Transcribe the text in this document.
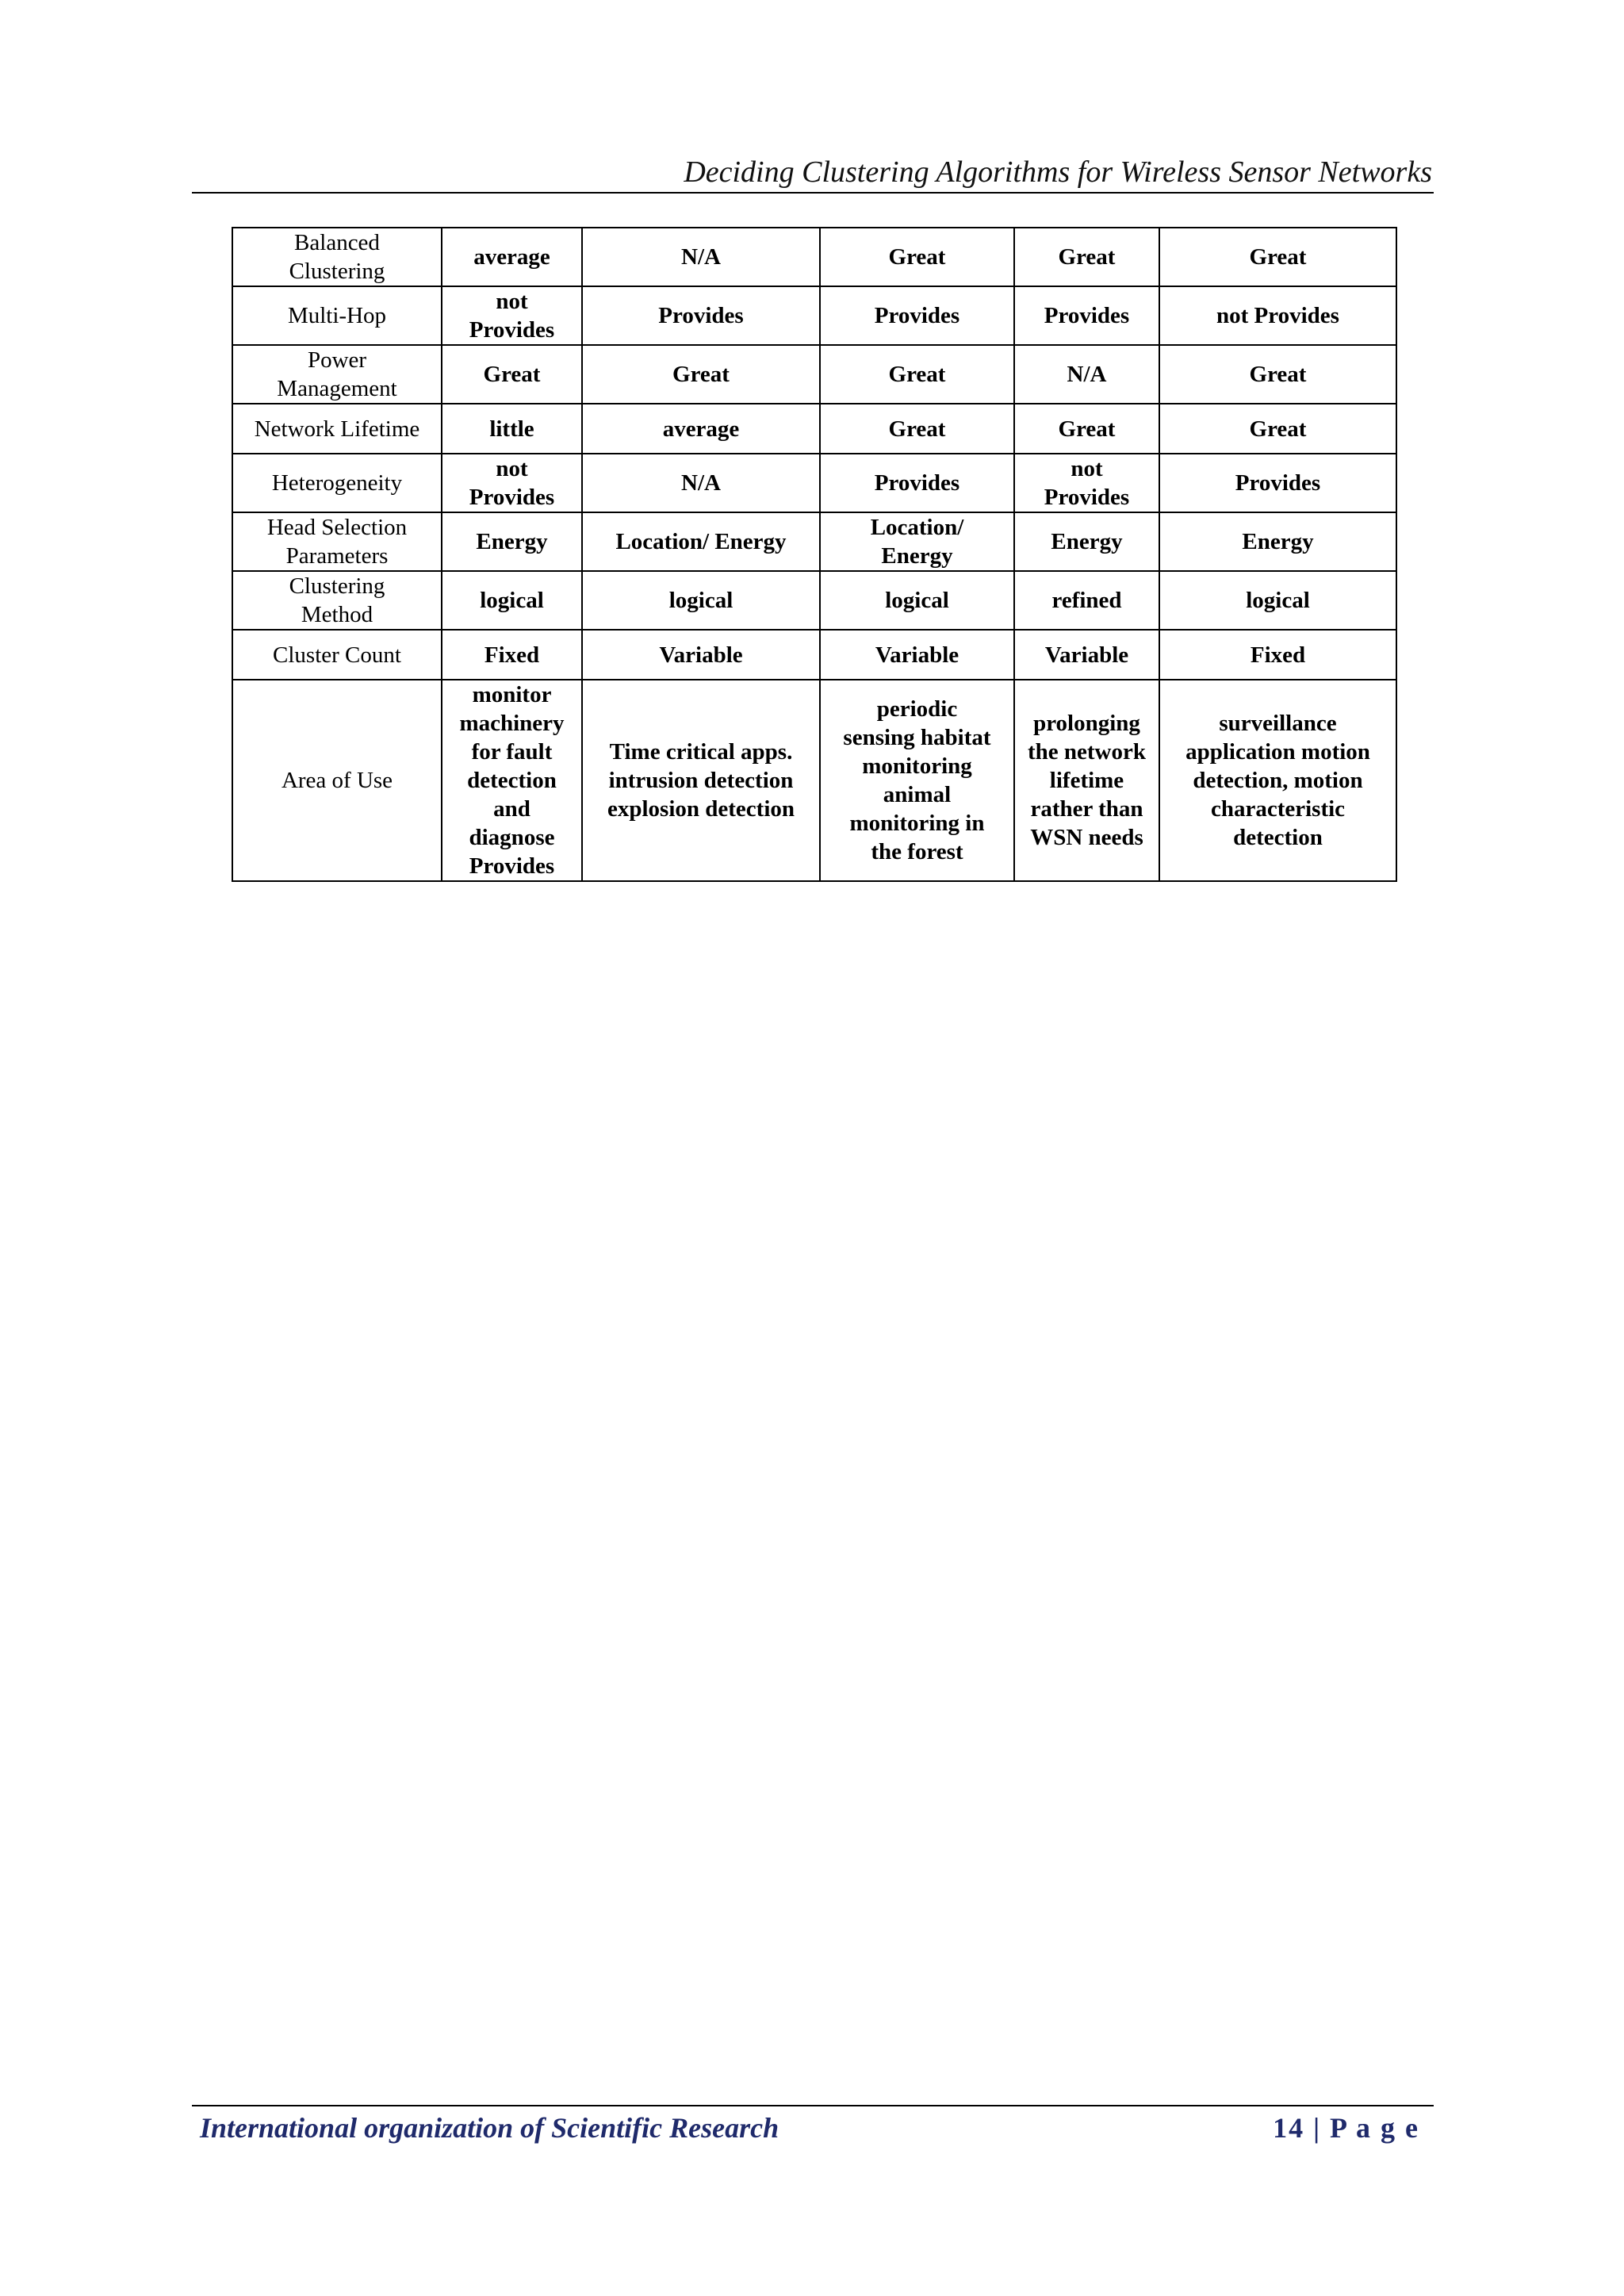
Deciding Clustering Algorithms for Wireless Sensor Networks
Balanced Clustering	average	N/A	Great	Great	Great
Multi-Hop	not Provides	Provides	Provides	Provides	not Provides
Power Management	Great	Great	Great	N/A	Great
Network Lifetime	little	average	Great	Great	Great
Heterogeneity	not Provides	N/A	Provides	not Provides	Provides
Head Selection Parameters	Energy	Location/ Energy	Location/ Energy	Energy	Energy
Clustering Method	logical	logical	logical	refined	logical
Cluster Count	Fixed	Variable	Variable	Variable	Fixed
Area of Use	monitor machinery for fault detection and diagnose Provides	Time critical apps. intrusion detection explosion detection	periodic sensing habitat monitoring animal monitoring in the forest	prolonging the network lifetime rather than WSN needs	surveillance application motion detection, motion characteristic detection
International organization of Scientific Research	14 | P a g e
